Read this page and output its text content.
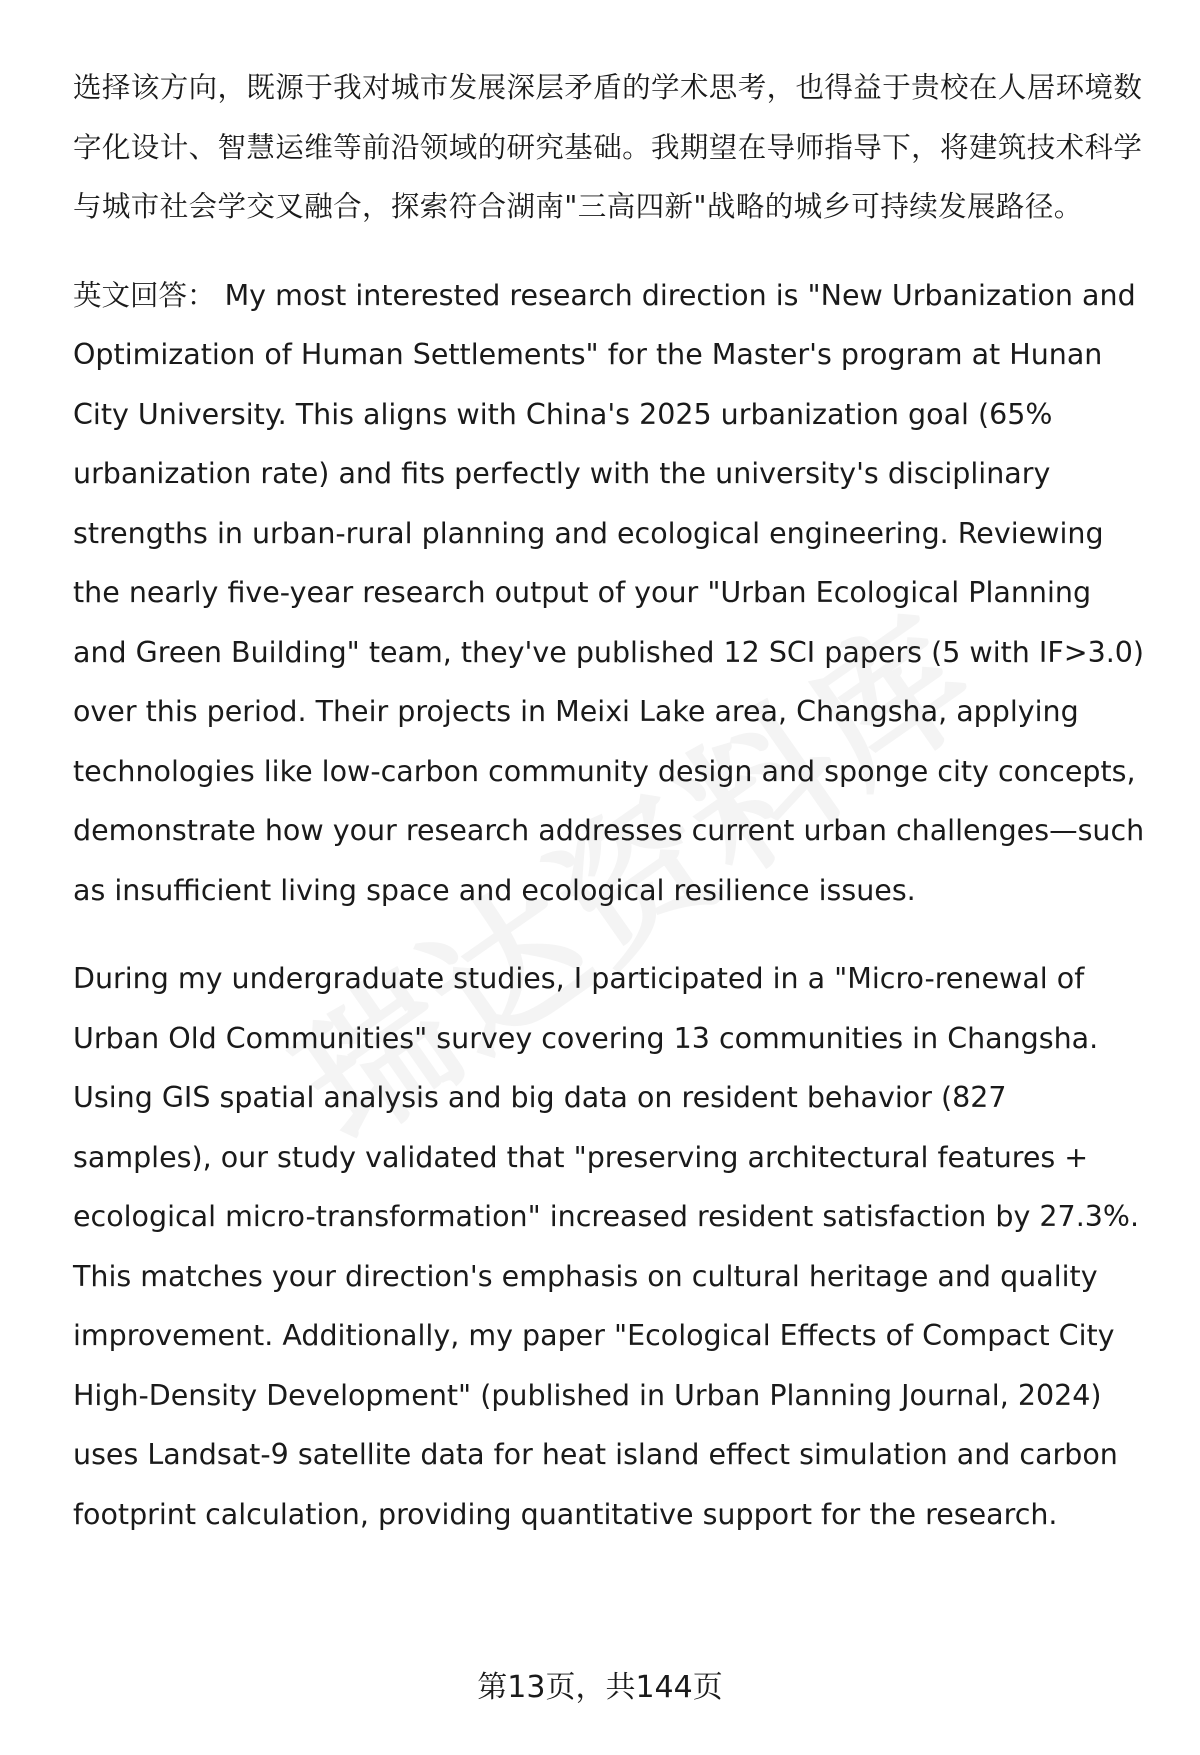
选择该方向，既源于我对城市发展深层矛盾的学术思考，也得益于贵校在人居环境数字化设计、智慧运维等前沿领域的研究基础。我期望在导师指导下，将建筑技术科学与城市社会学交叉融合，探索符合湖南"三高四新"战略的城乡可持续发展路径。

英文回答： My most interested research direction is "New Urbanization and Optimization of Human Settlements" for the Master's program at Hunan City University. This aligns with China's 2025 urbanization goal (65% urbanization rate) and fits perfectly with the university's disciplinary strengths in urban-rural planning and ecological engineering. Reviewing the nearly five-year research output of your "Urban Ecological Planning and Green Building" team, they've published 12 SCI papers (5 with IF>3.0) over this period. Their projects in Meixi Lake area, Changsha, applying technologies like low-carbon community design and sponge city concepts, demonstrate how your research addresses current urban challenges—such as insufficient living space and ecological resilience issues.

During my undergraduate studies, I participated in a "Micro-renewal of Urban Old Communities" survey covering 13 communities in Changsha. Using GIS spatial analysis and big data on resident behavior (827 samples), our study validated that "preserving architectural features + ecological micro-transformation" increased resident satisfaction by 27.3%. This matches your direction's emphasis on cultural heritage and quality improvement. Additionally, my paper "Ecological Effects of Compact City High-Density Development" (published in Urban Planning Journal, 2024) uses Landsat-9 satellite data for heat island effect simulation and carbon footprint calculation, providing quantitative support for the research.

第13页，共144页
